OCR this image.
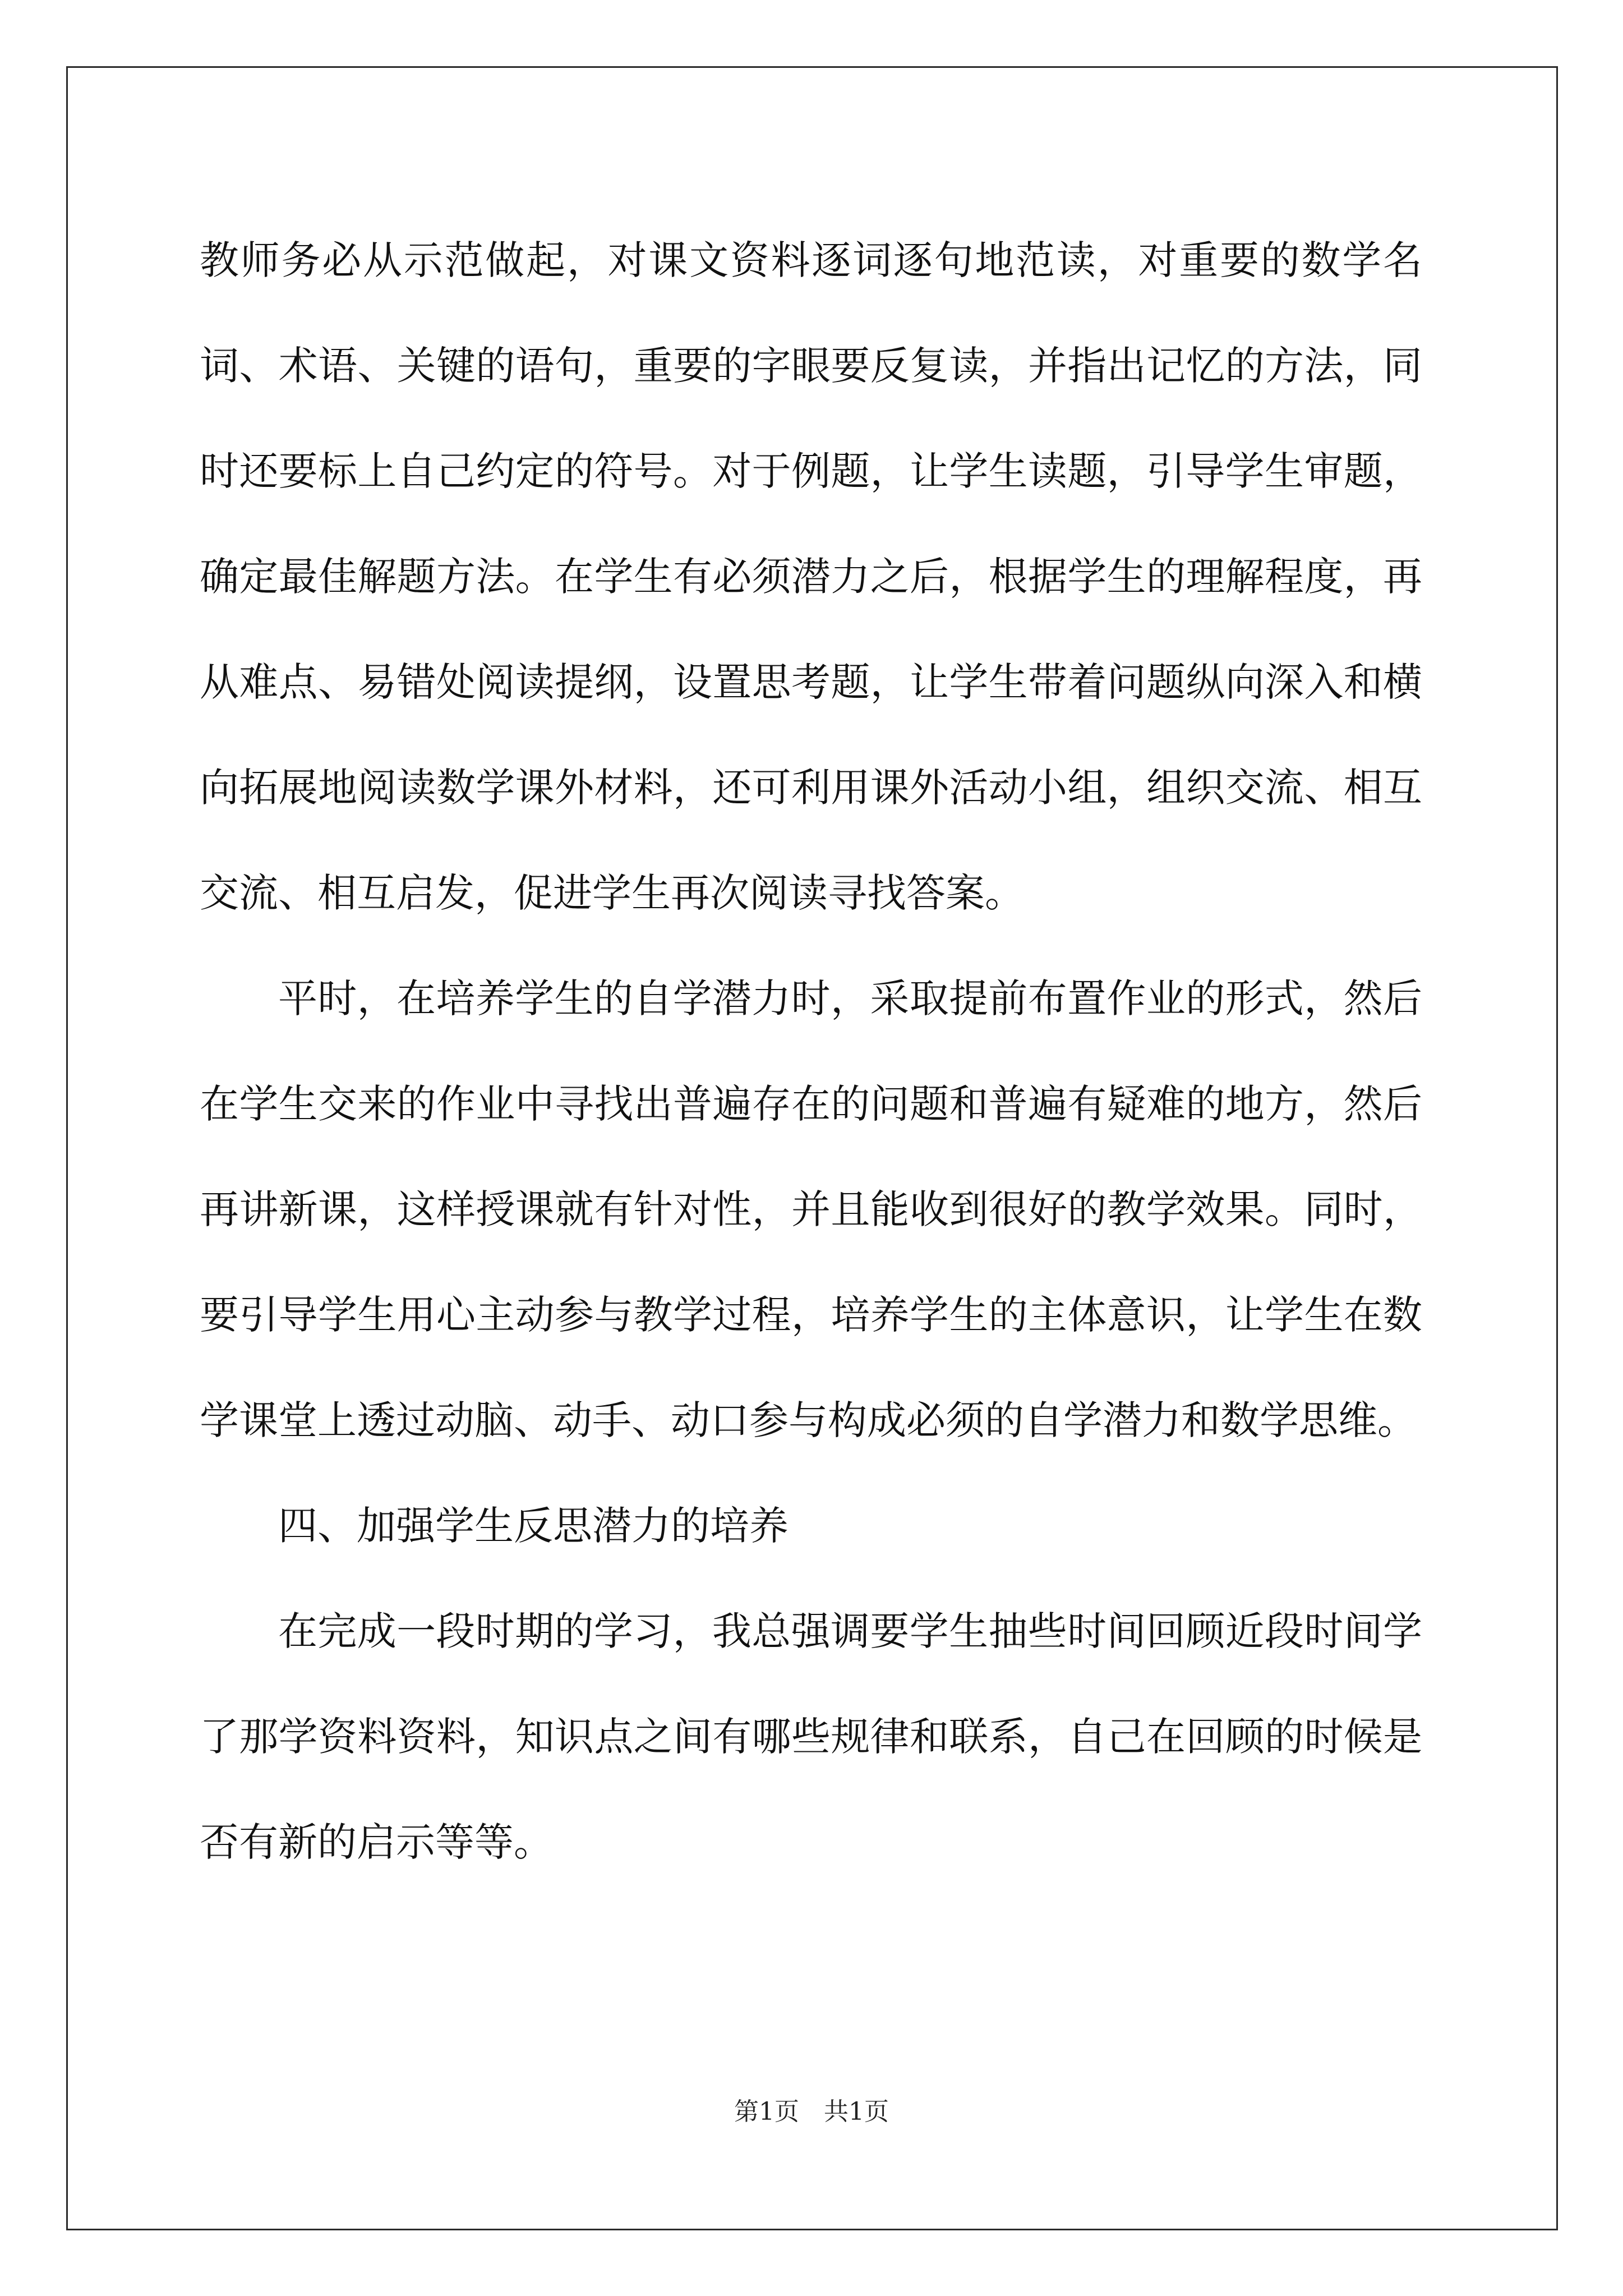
教师务必从示范做起，对课文资料逐词逐句地范读，对重要的数学名词、术语、关键的语句，重要的字眼要反复读，并指出记忆的方法，同时还要标上自己约定的符号。对于例题，让学生读题，引导学生审题，确定最佳解题方法。在学生有必须潜力之后，根据学生的理解程度，再从难点、易错处阅读提纲，设置思考题，让学生带着问题纵向深入和横向拓展地阅读数学课外材料，还可利用课外活动小组，组织交流、相互交流、相互启发，促进学生再次阅读寻找答案。

平时，在培养学生的自学潜力时，采取提前布置作业的形式，然后在学生交来的作业中寻找出普遍存在的问题和普遍有疑难的地方，然后再讲新课，这样授课就有针对性，并且能收到很好的教学效果。同时，要引导学生用心主动参与教学过程，培养学生的主体意识，让学生在数学课堂上透过动脑、动手、动口参与构成必须的自学潜力和数学思维。

四、加强学生反思潜力的培养

在完成一段时期的学习，我总强调要学生抽些时间回顾近段时间学了那学资料资料，知识点之间有哪些规律和联系，自己在回顾的时候是否有新的启示等等。

第1页　共1页
